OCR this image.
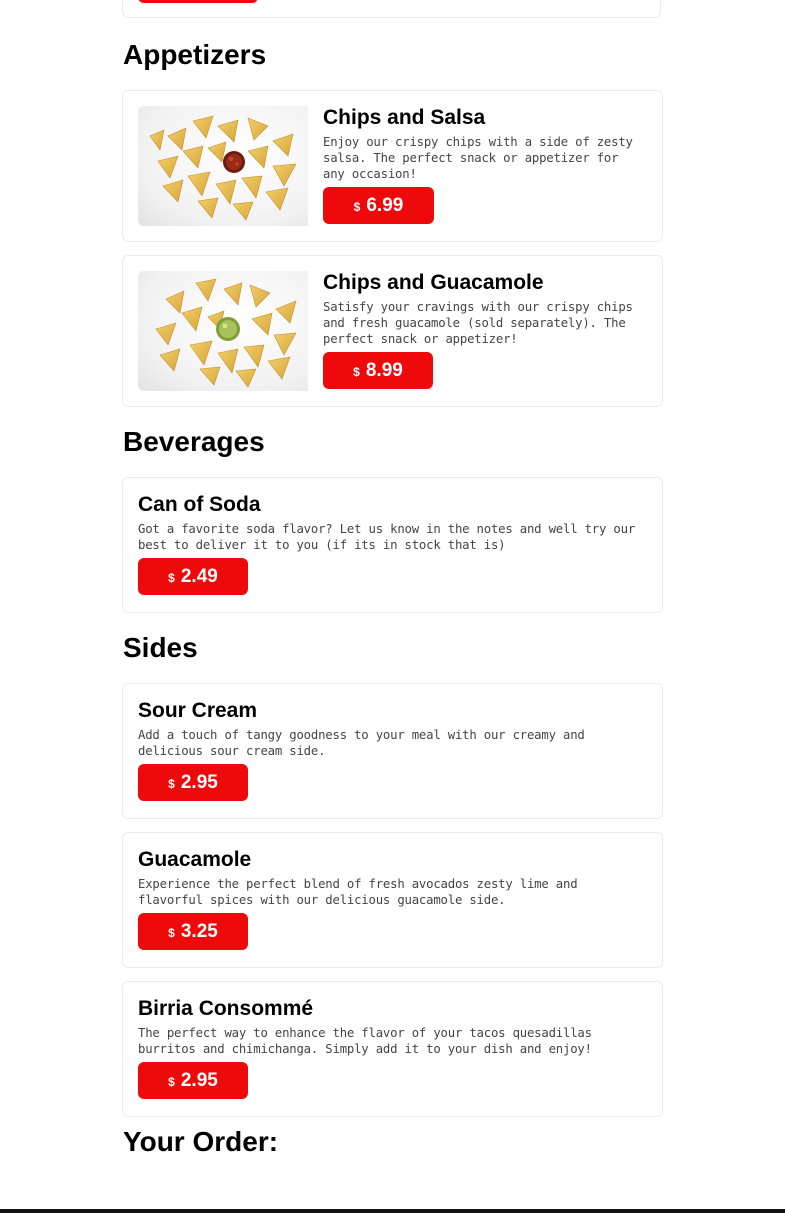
Appetizers
Chips and Salsa

Enjoy our crispy chips with a side of zesty salsa. The perfect snack or appetizer for any occasion!

$ 6.99
Chips and Guacamole

Satisfy your cravings with our crispy chips and fresh guacamole (sold separately). The perfect snack or appetizer!

$ 8.99
Beverages
Can of Soda

Got a favorite soda flavor? Let us know in the notes and well try our best to deliver it to you (if its in stock that is)

$ 2.49
Sides
Sour Cream

Add a touch of tangy goodness to your meal with our creamy and delicious sour cream side.

$ 2.95
Guacamole

Experience the perfect blend of fresh avocados zesty lime and flavorful spices with our delicious guacamole side.

$ 3.25
Birria Consommé

The perfect way to enhance the flavor of your tacos quesadillas burritos and chimichanga. Simply add it to your dish and enjoy!

$ 2.95
Your Order:
